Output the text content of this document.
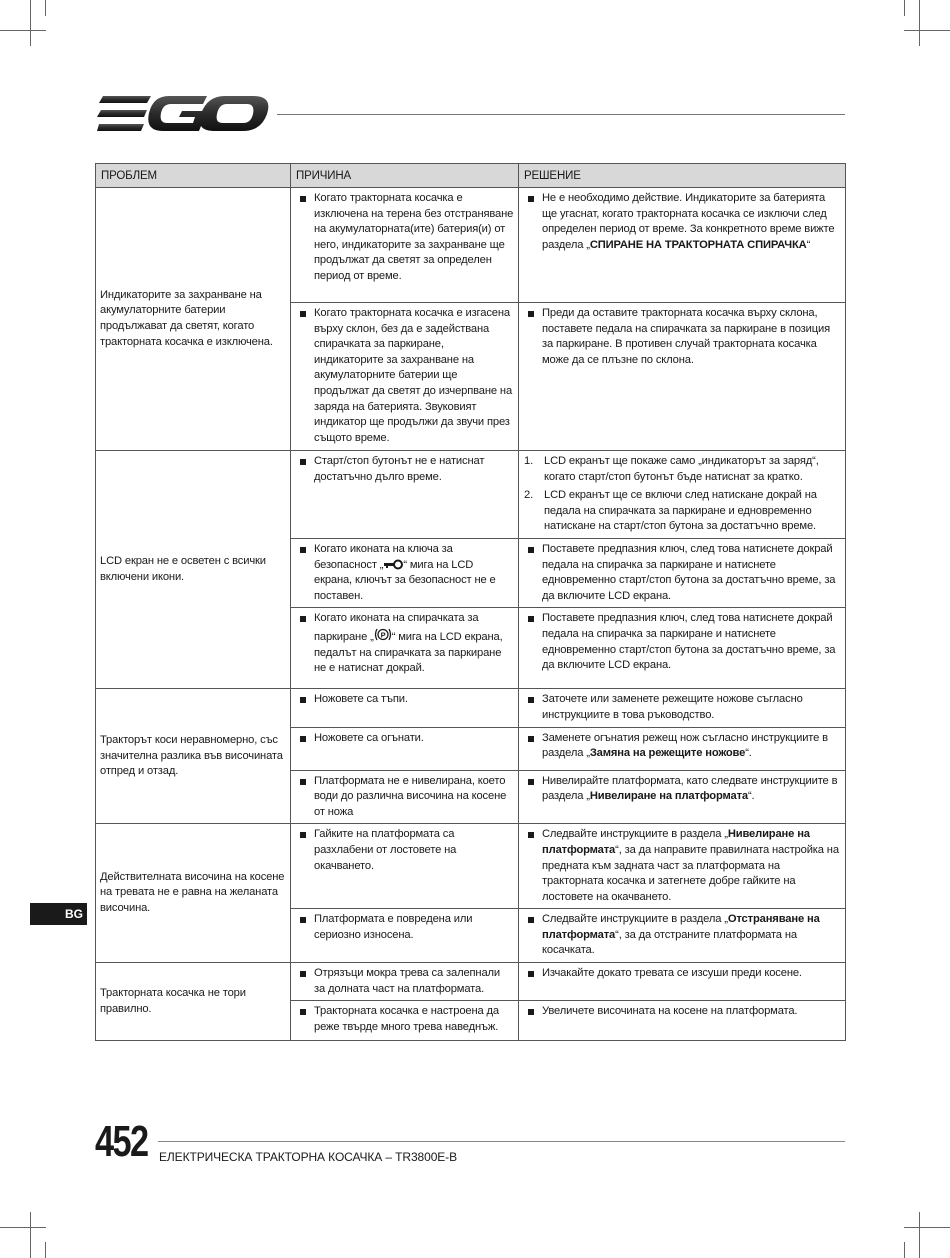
ПРОБЛЕМ	ПРИЧИНА	РЕШЕНИЕ
Индикаторите за захранване на акумулаторните батерии продължават да светят, когато тракторната косачка е изключена.	Когато тракторната косачка е изключена на терена без отстраняване на акумулаторната(ите) батерия(и) от него, индикаторите за захранване ще продължат да светят за определен период от време.	Не е необходимо действие. Индикаторите за батерията ще угаснат, когато тракторната косачка се изключи след определен период от време. За конкретното време вижте раздела „СПИРАНЕ НА ТРАКТОРНАТА СПИРАЧКА“

	Когато тракторната косачка е изгасена върху склон, без да е задействана спирачката за паркиране, индикаторите за захранване на акумулаторните батерии ще продължат да светят до изчерпване на заряда на батерията. Звуковият индикатор ще продължи да звучи през същото време.	Преди да оставите тракторната косачка върху склона, поставете педала на спирачката за паркиране в позиция за паркиране. В противен случай тракторната косачка може да се плъзне по склона.

LCD екран не е осветен с всички включени икони.	Старт/стоп бутонът не е натиснат достатъчно дълго време.	1. LCD екранът ще покаже само „индикаторът за заряд“, когато старт/стоп бутонът бъде натиснат за кратко.
2. LCD екранът ще се включи след натискане докрай на педала на спирачката за паркиране и едновременно натискане на старт/стоп бутона за достатъчно време.

	Когато иконата на ключа за безопасност „ “ мига на LCD екрана, ключът за безопасност не е поставен.	Поставете предпазния ключ, след това натиснете докрай педала на спирачка за паркиране и натиснете едновременно старт/стоп бутона за достатъчно време, за да включите LCD екрана.

	Когато иконата на спирачката за паркиране „ P “ мига на LCD екрана, педалът на спирачката за паркиране не е натиснат докрай.	Поставете предпазния ключ, след това натиснете докрай педала на спирачка за паркиране и натиснете едновременно старт/стоп бутона за достатъчно време, за да включите LCD екрана.

Тракторът коси неравномерно, със значителна разлика във височината отпред и отзад.	Ножовете са тъпи.	Заточете или заменете режещите ножове съгласно инструкциите в това ръководство.

	Ножовете са огънати.	Заменете огънатия режещ нож съгласно инструкциите в раздела „Замяна на режещите ножове“.

	Платформата не е нивелирана, което води до различна височина на косене от ножа	Нивелирайте платформата, като следвате инструкциите в раздела „Нивелиране на платформата“.

Действителната височина на косене на тревата не е равна на желаната височина.	Гайките на платформата са разхлабени от лостовете на окачването.	Следвайте инструкциите в раздела „Нивелиране на платформата“, за да направите правилната настройка на предната към задната част за платформата на тракторната косачка и затегнете добре гайките на лостовете на окачването.

	Платформата е повредена или сериозно износена.	Следвайте инструкциите в раздела „Отстраняване на платформата“, за да отстраните платформата на косачката.

Тракторната косачка не тори правилно.	Отрязъци мокра трева са залепнали за долната част на платформата.	Изчакайте докато тревата се изсуши преди косене.

	Тракторната косачка е настроена да реже твърде много трева наведнъж.	Увеличете височината на косене на платформата.
BG
452 ЕЛЕКТРИЧЕСКА ТРАКТОРНА КОСАЧКА – TR3800E-B
